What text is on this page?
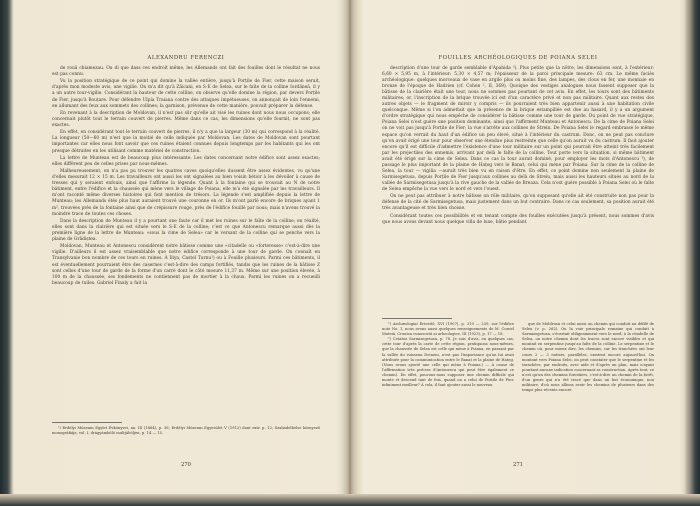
ALEXANDRU FERENCZI	FOUILLES ARCHÉOLOGIQUES DE POIANA SELEI

de rouă chiamezau. Ou di que dass ces endroit même, les Allemands ont fait des fouilles dont le résultat ne nous est pas connu.

Vu la position stratégique de ce point qui domine la vallée entière, jusqu'à Porțile de Fier, cette maison serait, d'après mon modeste avis, une vigilie. On m'a dit qu'à Zăicani, en S-E de Selea, sur le faîte de la colline Iordăneă, il y a un autre tour-vigilie. Considérant la hauteur de cette colline, on observe qu'elle domine la région, par devers Porțile de Fier, jusqu'à Bouțare. Pour défendre Ulpia Traiana contre des attaques impétueuses, on annonçait de loin l'ennemi, en allumant des feux aux sommets des collines; la garnison, prévenue de cette manière, pouvait préparer la défense.

En revenant à la description de Moldovan, il n'est pas sûr qu'elle ait visé les ruines dont nous nous occupons; elle concernait plutôt tout le terrain couvert de pierres. Même dans ce cas, les dimensions qu'elle fournit, ne sont pas exactes.

En effet, en considérant tout le terrain couvert de pierres, il n'y a que la largeur (30 m) qui correspond à la réalité. La longueur (50—60 m) n'est que la moitié de celle indiquée par Moldovan. Les dates de Moldovan sont pourtant importantes car elles nous font savoir que ces ruines étaient connues depuis longtemps par les habitants qui les ont presque détruites en les utilisant comme matériel de construction.

La lettre de Munteau est de beaucoup plus intéressante. Les dates concernant notre édifice sont assez exactes; elles diffèrent peu de celles prises par nous-mêmes.

Malheureusement, on n'a pas pu trouver les quatres caves quoiqu'elles dussent être assez évidentes, vu qu'une d'elles mesurait 12 × 15 m. Les travailleurs ont aussi les ont signalées au bien voisin bétoir à les dévoiler à cause de tresses qui y seraient enfouis, ainsi que l'affirme la légende. Quant à la fontaine qui se trouvait au N de notre bâtiment, entre l'édifice et la chaussée qui mène vers le village de Poiana, elle m'a été signalée par les travailleurs. Il m'ont raconté même diverses histoires qui font mention de trésors. La légende s'est amplifiée depuis la lettre de Munteau; les Allemands étés plus haut auraient trouvé une couronne en or. Ils m'ont parlé encore de briques ayant 1 m², trouvées près de la fontaine ainsi que de crépissure rouge, près de l'édifice fouillé par nous; mais n'avons trouvé la moindre trace de toutes ces choses.

Dans la description de Munteau il y a pourtant une faute car il met les ruines sur le faîte de la colline; en réalité, elles sont dans la clairière qui est située vers le S-E de la colline; c'est ce que Antonescu remarque aussi dès la première ligne de la lettre de Munteau: «sous la cime de Selea» car le versant de la colline qui se penche vers la plaine de Grădiștea.

Moldovan, Munteau et Antonescu considèrent notre bâtisse comme une «citadelle ou «forteresse» c'est-à-dire une vigilie. D'ailleurs il est assez vraisemblable que notre édifice corresponde à une tour de garde. On connaît en Transylvanie bon nombre de ces tours en ruines. À Iliya, Castel Turnu¹) ou à Fouille plusieurs. Parmi ces bâtiments, il est éventuellement pourraient être des casernes c'est-à-dire des camps fortifiés, tandis que les ruines de la bâtisse Z sont celles d'une tour de garde de la forme d'un carré dont le côté mesure 11,37 m. Même sur une position élevée, à 100 m de la chaussée, ses fondements ne contiennent pas de mortier à la chaux. Parmi les ruines on a recueilli beaucoup de tuiles. Gabriel Finaly a fait la

¹) Erdélyi Múzeum Egylet Évkönyvei, an. III (1864), p. 36; Erdélyi Múzeum Egyesület V (1912) dont extr. p. 12; Szabadelbelse környező monográfiája, vol. I, drágyámbóló multjábóljen, p. 14 — 15.

description d'une tour de garde semblable d'Apahida ²). Plus petite que la nôtre, les dimensions sont, à l'extérieur: 6,60 × 5,95 m, à l'intérieur: 5,30 × 4,57 m; l'épaisseur de la paroi principale mesure: 63 cm. Le même faciès archéologique: quelques morceaux de vase en argile plus ou moins fine, des lampes, des clous en fer, une monnaie en bronze de l'époque de Hadrien (cf. Cohen ², II, 369). Quoique des vestiges analogues nous fassent supposer que la bâtisse de la clairière était une tour, nous ne sommes pas pourtant de cet avis. En effet, les tours sont des bâtiments militaires; or, l'inscription de la brique trouvée ici est d'un caractère privé et non pas militaire. Quant aux restes des autres objets — le fragment de miroir y compris — ils pourraient très bien appartenir aussi à une habitation civile quelconque. Même si l'on admettait que la présence de la brique estampillée est due au hasard, il y a un argument d'ordre stratégique qui nous empêche de considérer la bâtisse comme une tour de garde. Du point de vue stratégique, Poiana Selei n'est guère une position dominante, ainsi que l'affirment Munteau et Antonescu. De la cime de Poiana Selei on ne voit pas jusqu'à Porțile de Fier; la vue s'arrête aux collines de Strein. De Poiana Selei le regard embrasse le même espace qu'on verrait du haut d'un édifice un peu élevé, situé à l'intérieur du castrum. Donc, on ne peut pas conclure qu'on avait érigé une tour pour observer une étendue plus restreinte que celle qu'on aurait vu du castrum. Il faut ajouter encore qu'il est difficile d'admettre l'existence d'une tour militaire sur un point qui pourrait être atteint très facilement par les projectiles des ennemis, arrivant par delà le faîte de la colline. Tout porte vers la situation, si même bâtiment avait été érigé sur la cime de Selea. Dans ce cas la tour aurait dominé, pour employer les mots d'Antonescu ³), de passage le plus important de la plaine de Hațeg vers le Banat, celui qui mène par Poiana. Sur la cime de la colline de Selea, la tour — vigilia —aurait très bien vu en raison d'être. En effet, ce point domine non seulement la plaine de Sarmisegetusa, depuis Porțile de Fier jusqu'aux collines au delà de Streiu, mais aussi les hauteurs situés au nord de la vallée de Sarmisegetusa jusqu'à la rive gauche de la vallée de Breaza. Cela n'est guère possible à Poiana Selei où le faîte de Selea empêche la vue vers le nord et vers l'ouest.

On ne peut pas attribuer à notre bâtisse un rôle militaire, qu'on supposant qu'elle ait été construite non pas pour la défense de la cité de Sarmisegetusa, mais justement dans un but contraire. Dans ce cas seulement, sa position aurait été très avantageuse et très bien choisie.

Considérant toutes ces possibilités et en tenant compte des fouilles exécutées jusqu'à présent, nous sommes d'avis que nous avons devant nous quelque villa de luxe, bâtie pendant

²) Archæologiai Értesítő, XVI (1907), p. 219 — 230; sur l'édifice note No. 1, nous avons aussi quelques renseignements de M. Cornel Mateiă, Cronica cunoscută ai arheologice, III (1923), p. 17 — 18.

³) Cetatea Sarmizegetusa, p. 78. Je suis d'avis, en quelques cas, cette tour d'après la carte de cette région, pratiquons nous-mêmes, que la chaussée de Selea est celle qui mène à Poiana, en passant par la vallée du ruisseau Deineni, n'est pas l'importance qu'on lui avait attribuée pour la communication entre le Banat et la plaine de Hațeg. (Nous avons ajouté une celle qui mène à Poiana.) — À cause de l'affirmation très précise d'Antonescu qui peut être également ce chemin). En effet, pouvons-nous supposer une chemin difficile qui monte et descend tant de fois, quand on a celui de Porțile de Fier, infiniment meilleur? À cela, il faut ajouter aussi le nouveau

que de Meldrusu et celui aussi un chemin qui conduit au défilé de Selea (v. p. 262). On la voie principale romaine qui conduit à Sarmizegetusa, s'écartait obligeamment vers le nord, à la citadelle de Selea, on notre chemin dont les traces sont encore visibles et qui montait en serpentine jusqu'au faîte de la colline. Le serpentine et le chemin où, pour mieux dire, les chemins, car les tranchées ont leur cours 2 — 3 entiers, parallèles, existent encore aujourd'hui. On montant vers Poiana Selei, on peut constater que le serpentine et les tranchées, par endroits, avec aide et d'après un plan, mais n'ayant pourtant aucune indication concernant sa construction. Après tout, ce n'est qu'un des chemins forestiers, c'est-à-dire un chemin de la forêt, d'un genre qui n'a été tracé que dans un but économique, non militaire, d'où nous allions avoir les chemins de plusieurs dans des temps plus récents encore.

270	271
